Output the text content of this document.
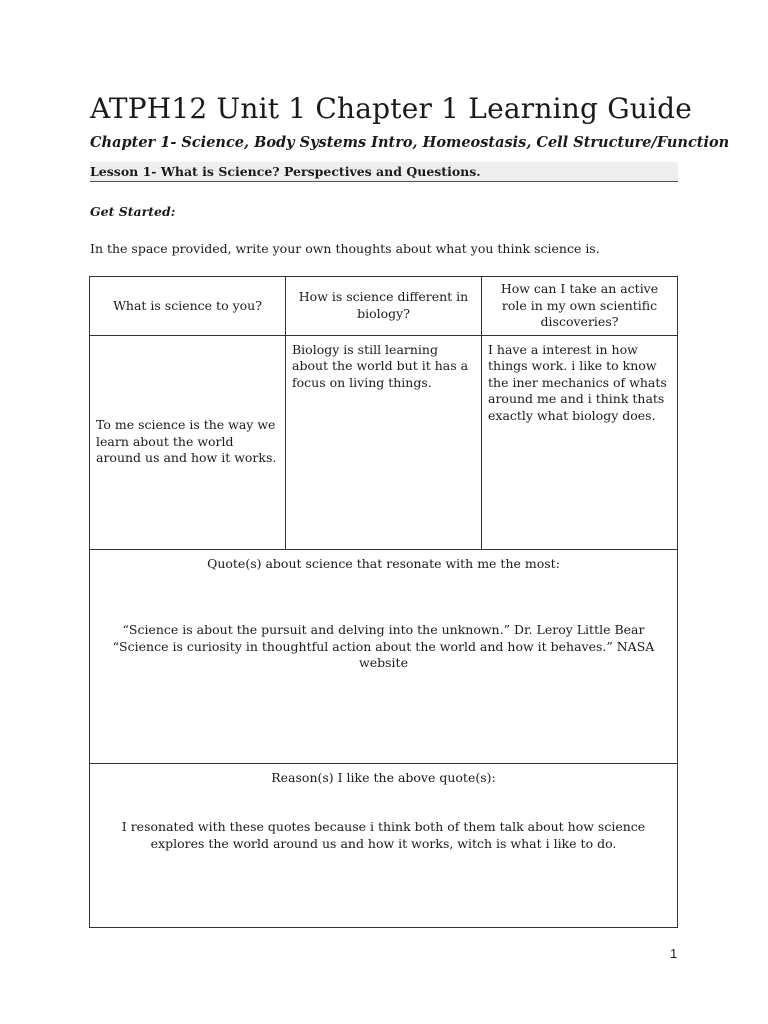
ATPH12 Unit 1 Chapter 1 Learning Guide

Chapter 1- Science, Body Systems Intro, Homeostasis, Cell Structure/Function

Lesson 1- What is Science? Perspectives and Questions.
Get Started:
In the space provided, write your own thoughts about what you think science is.
What is science to you?	How is science different in biology?	How can I take an active role in my own scientific discoveries?
To me science is the way we learn about the world around us and how it works.	Biology is still learning about the world but it has a focus on living things.	I have a interest in how things work. i like to know the iner mechanics of whats around me and i think thats exactly what biology does.

Quote(s) about science that resonate with me the most:
“Science is about the pursuit and delving into the unknown.” Dr. Leroy Little Bear
“Science is curiosity in thoughtful action about the world and how it behaves.” NASA website		

Reason(s) I like the above quote(s):
I resonated with these quotes because i think both of them talk about how science explores the world around us and how it works, witch is what i like to do.		
1
